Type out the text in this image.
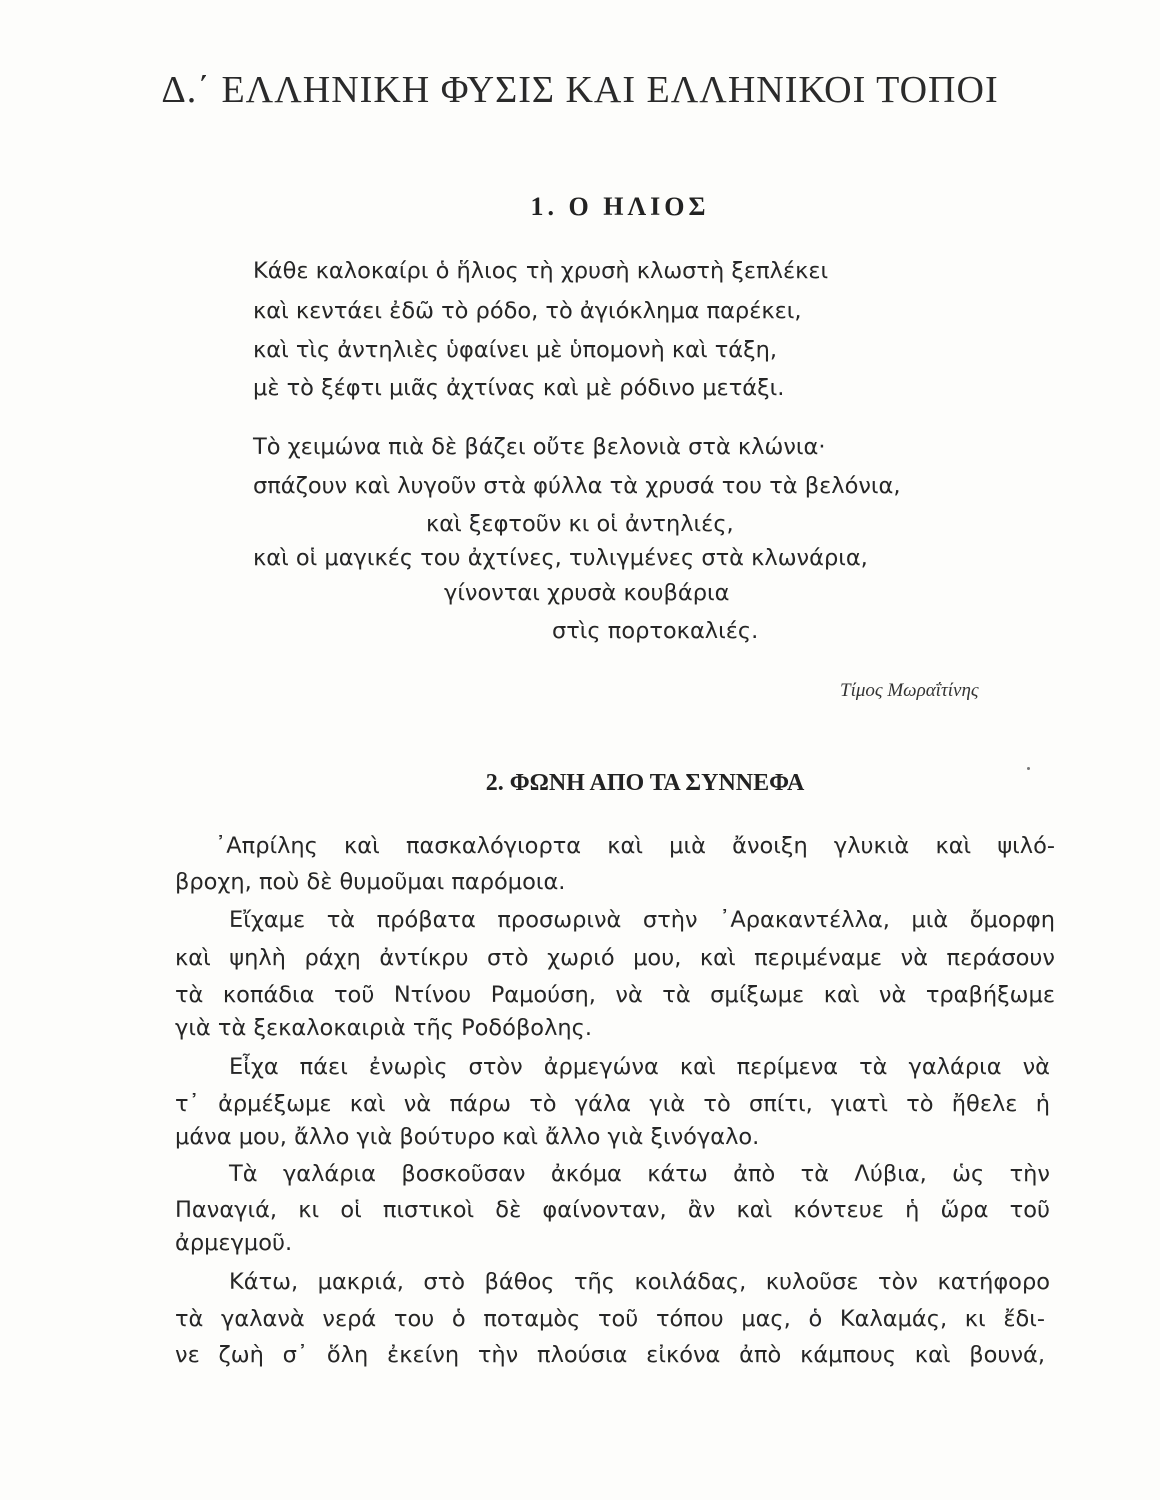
Δ.΄ ΕΛΛΗΝΙΚΗ ΦΥΣΙΣ ΚΑΙ ΕΛΛΗΝΙΚΟΙ ΤΟΠΟΙ
1. Ο ΗΛΙΟΣ
Κάθε καλοκαίρι ὁ ἥλιος τὴ χρυσὴ κλωστὴ ξεπλέκει
καὶ κεντάει ἐδῶ τὸ ρόδο, τὸ ἀγιόκλημα παρέκει,
καὶ τὶς ἀντηλιὲς ὑφαίνει μὲ ὑπομονὴ καὶ τάξη,
μὲ τὸ ξέφτι μιᾶς ἀχτίνας καὶ μὲ ρόδινο μετάξι.
Τὸ χειμώνα πιὰ δὲ βάζει οὔτε βελονιὰ στὰ κλώνια·
σπάζουν καὶ λυγοῦν στὰ φύλλα τὰ χρυσά του τὰ βελόνια,
καὶ ξεφτοῦν κι οἱ ἀντηλιές,
καὶ οἱ μαγικές του ἀχτίνες, τυλιγμένες στὰ κλωνάρια,
γίνονται χρυσὰ κουβάρια
στὶς πορτοκαλιές.
Τίμος Μωραΐτίνης
2. ΦΩΝΗ ΑΠΟ ΤΑ ΣΥΝΝΕΦΑ
᾿Απρίλης καὶ πασκαλόγιορτα καὶ μιὰ ἄνοιξη γλυκιὰ καὶ ψιλό-
βροχη, ποὺ δὲ θυμοῦμαι παρόμοια.
Εἴχαμε τὰ πρόβατα προσωρινὰ στὴν ᾿Αρακαντέλλα, μιὰ ὄμορφη
καὶ ψηλὴ ράχη ἀντίκρυ στὸ χωριό μου, καὶ περιμέναμε νὰ περάσουν
τὰ κοπάδια τοῦ Ντίνου Ραμούση, νὰ τὰ σμίξωμε καὶ νὰ τραβήξωμε
γιὰ τὰ ξεκαλοκαιριὰ τῆς Ροδόβολης.
Εἶχα πάει ἐνωρὶς στὸν ἀρμεγώνα καὶ περίμενα τὰ γαλάρια νὰ
τ᾿ ἀρμέξωμε καὶ νὰ πάρω τὸ γάλα γιὰ τὸ σπίτι, γιατὶ τὸ ἤθελε ἡ
μάνα μου, ἄλλο γιὰ βούτυρο καὶ ἄλλο γιὰ ξινόγαλο.
Τὰ γαλάρια βοσκοῦσαν ἀκόμα κάτω ἀπὸ τὰ Λύβια, ὡς τὴν
Παναγιά, κι οἱ πιστικοὶ δὲ φαίνονταν, ἂν καὶ κόντευε ἡ ὥρα τοῦ
ἀρμεγμοῦ.
Κάτω, μακριά, στὸ βάθος τῆς κοιλάδας, κυλοῦσε τὸν κατήφορο
τὰ γαλανὰ νερά του ὁ ποταμὸς τοῦ τόπου μας, ὁ Καλαμάς, κι ἔδι-
νε ζωὴ σ᾿ ὅλη ἐκείνη τὴν πλούσια εἰκόνα ἀπὸ κάμπους καὶ βουνά,
